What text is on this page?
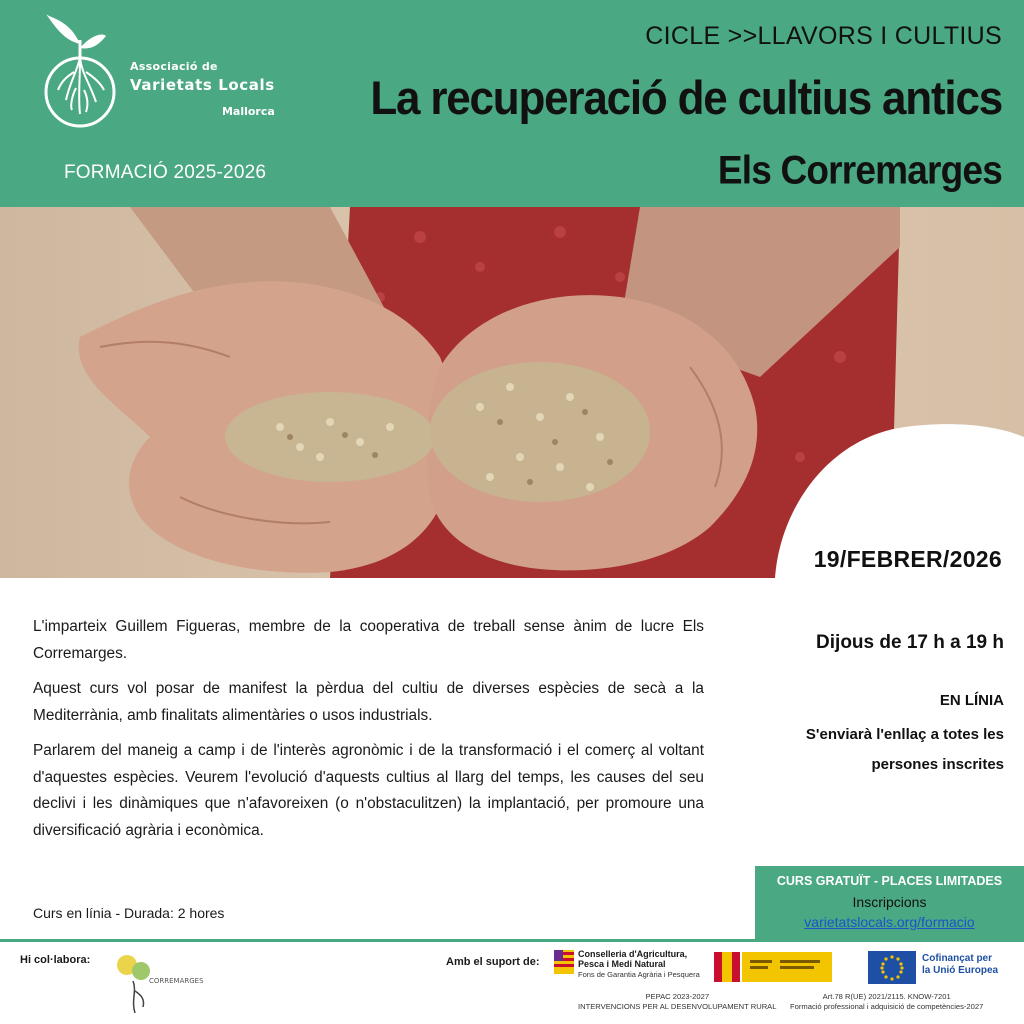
Associació de
Varietats Locals
Mallorca
FORMACIÓ 2025-2026
CICLE >>LLAVORS I CULTIUS
La recuperació de cultius antics
Els Corremarges
19/FEBRER/2026

L'imparteix Guillem Figueras, membre de la cooperativa de treball sense ànim de lucre Els Corremarges.

Aquest curs vol posar de manifest la pèrdua del cultiu de diverses espècies de secà a la Mediterrània, amb finalitats alimentàries o usos industrials.

Parlarem del maneig a camp i de l'interès agronòmic i de la transformació i el comerç al voltant d'aquestes espècies. Veurem l'evolució d'aquests cultius al llarg del temps, les causes del seu declivi i les dinàmiques que n'afavoreixen (o n'obstaculitzen) la implantació, per promoure una diversificació agrària i econòmica.

Curs en línia - Durada: 2 hores
Dijous de 17 h a 19 h
EN LÍNIA
S'enviarà l'enllaç a totes les persones inscrites
CURS GRATUÏT - PLACES LIMITADES
Inscripcions
varietatslocals.org/formacio
Hi col·labora:
CORREMARGES
Amb el suport de:
Conselleria d'Agricultura,
Pesca i Medi Natural
Fons de Garantia Agrària i Pesquera
Cofinançat per
la Unió Europea
PEPAC 2023-2027
INTERVENCIONS PER AL DESENVOLUPAMENT RURAL
Art.78 R(UE) 2021/2115. KNOW-7201
Formació professional i adquisició de competències-2027
